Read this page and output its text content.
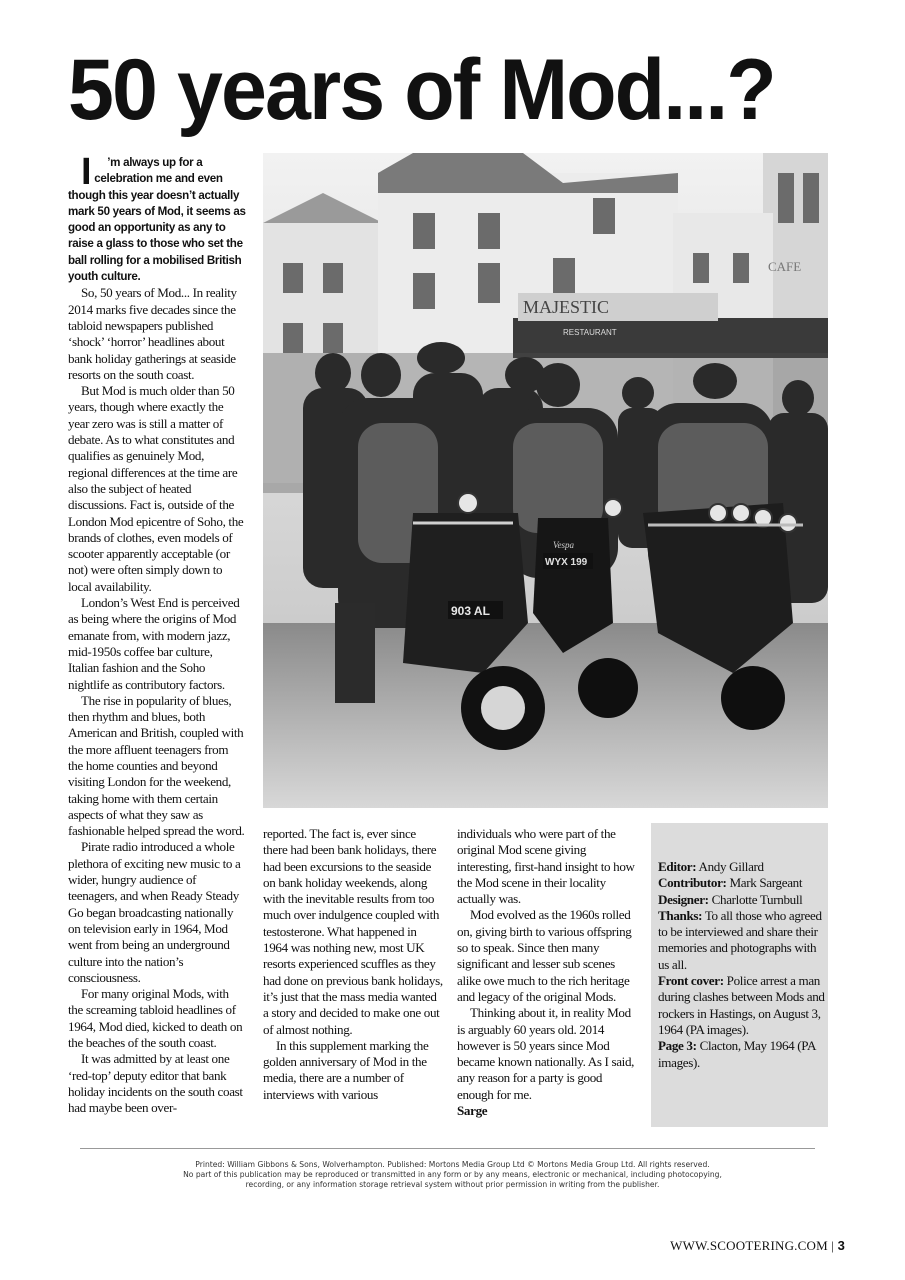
50 years of Mod...?

I ’m always up for a celebration me and even though this year doesn’t actually mark 50 years of Mod, it seems as good an opportunity as any to raise a glass to those who set the ball rolling for a mobilised British youth culture.

So, 50 years of Mod... In reality 2014 marks five decades since the tabloid newspapers published ‘shock’ ‘horror’ headlines about bank holiday gatherings at seaside resorts on the south coast.

But Mod is much older than 50 years, though where exactly the year zero was is still a matter of debate. As to what constitutes and qualifies as genuinely Mod, regional differences at the time are also the subject of heated discussions. Fact is, outside of the London Mod epicentre of Soho, the brands of clothes, even models of scooter apparently acceptable (or not) were often simply down to local availability.

London’s West End is perceived as being where the origins of Mod emanate from, with modern jazz, mid-1950s coffee bar culture, Italian fashion and the Soho nightlife as contributory factors.

The rise in popularity of blues, then rhythm and blues, both American and British, coupled with the more affluent teenagers from the home counties and beyond visiting London for the weekend, taking home with them certain aspects of what they saw as fashionable helped spread the word.

Pirate radio introduced a whole plethora of exciting new music to a wider, hungry audience of teenagers, and when Ready Steady Go began broadcasting nationally on television early in 1964, Mod went from being an underground culture into the nation’s consciousness.

For many original Mods, with the screaming tabloid headlines of 1964, Mod died, kicked to death on the beaches of the south coast.

It was admitted by at least one ‘red-top’ deputy editor that bank holiday incidents on the south coast had maybe been over-

reported. The fact is, ever since there had been bank holidays, there had been excursions to the seaside on bank holiday weekends, along with the inevitable results from too much over indulgence coupled with testosterone. What happened in 1964 was nothing new, most UK resorts experienced scuffles as they had done on previous bank holidays, it’s just that the mass media wanted a story and decided to make one out of almost nothing.

In this supplement marking the golden anniversary of Mod in the media, there are a number of interviews with various

individuals who were part of the original Mod scene giving interesting, first-hand insight to how the Mod scene in their locality actually was.

Mod evolved as the 1960s rolled on, giving birth to various offspring so to speak. Since then many significant and lesser sub scenes alike owe much to the rich heritage and legacy of the original Mods.

Thinking about it, in reality Mod is arguably 60 years old. 2014 however is 50 years since Mod became known nationally. As I said, any reason for a party is good enough for me.

Sarge

MAJESTIC
RESTAURANT
CAFE
903 AL
WYX 199
Vespa

Editor: Andy Gillard

Contributor: Mark Sargeant

Designer: Charlotte Turnbull

Thanks: To all those who agreed to be interviewed and share their memories and photographs with us all.

Front cover: Police arrest a man during clashes between Mods and rockers in Hastings, on August 3, 1964 (PA images).

Page 3: Clacton, May 1964 (PA images).

Printed: William Gibbons & Sons, Wolverhampton. Published: Mortons Media Group Ltd © Mortons Media Group Ltd. All rights reserved.
No part of this publication may be reproduced or transmitted in any form or by any means, electronic or mechanical, including photocopying,
recording, or any information storage retrieval system without prior permission in writing from the publisher.
WWW.SCOOTERING.COM | 3
